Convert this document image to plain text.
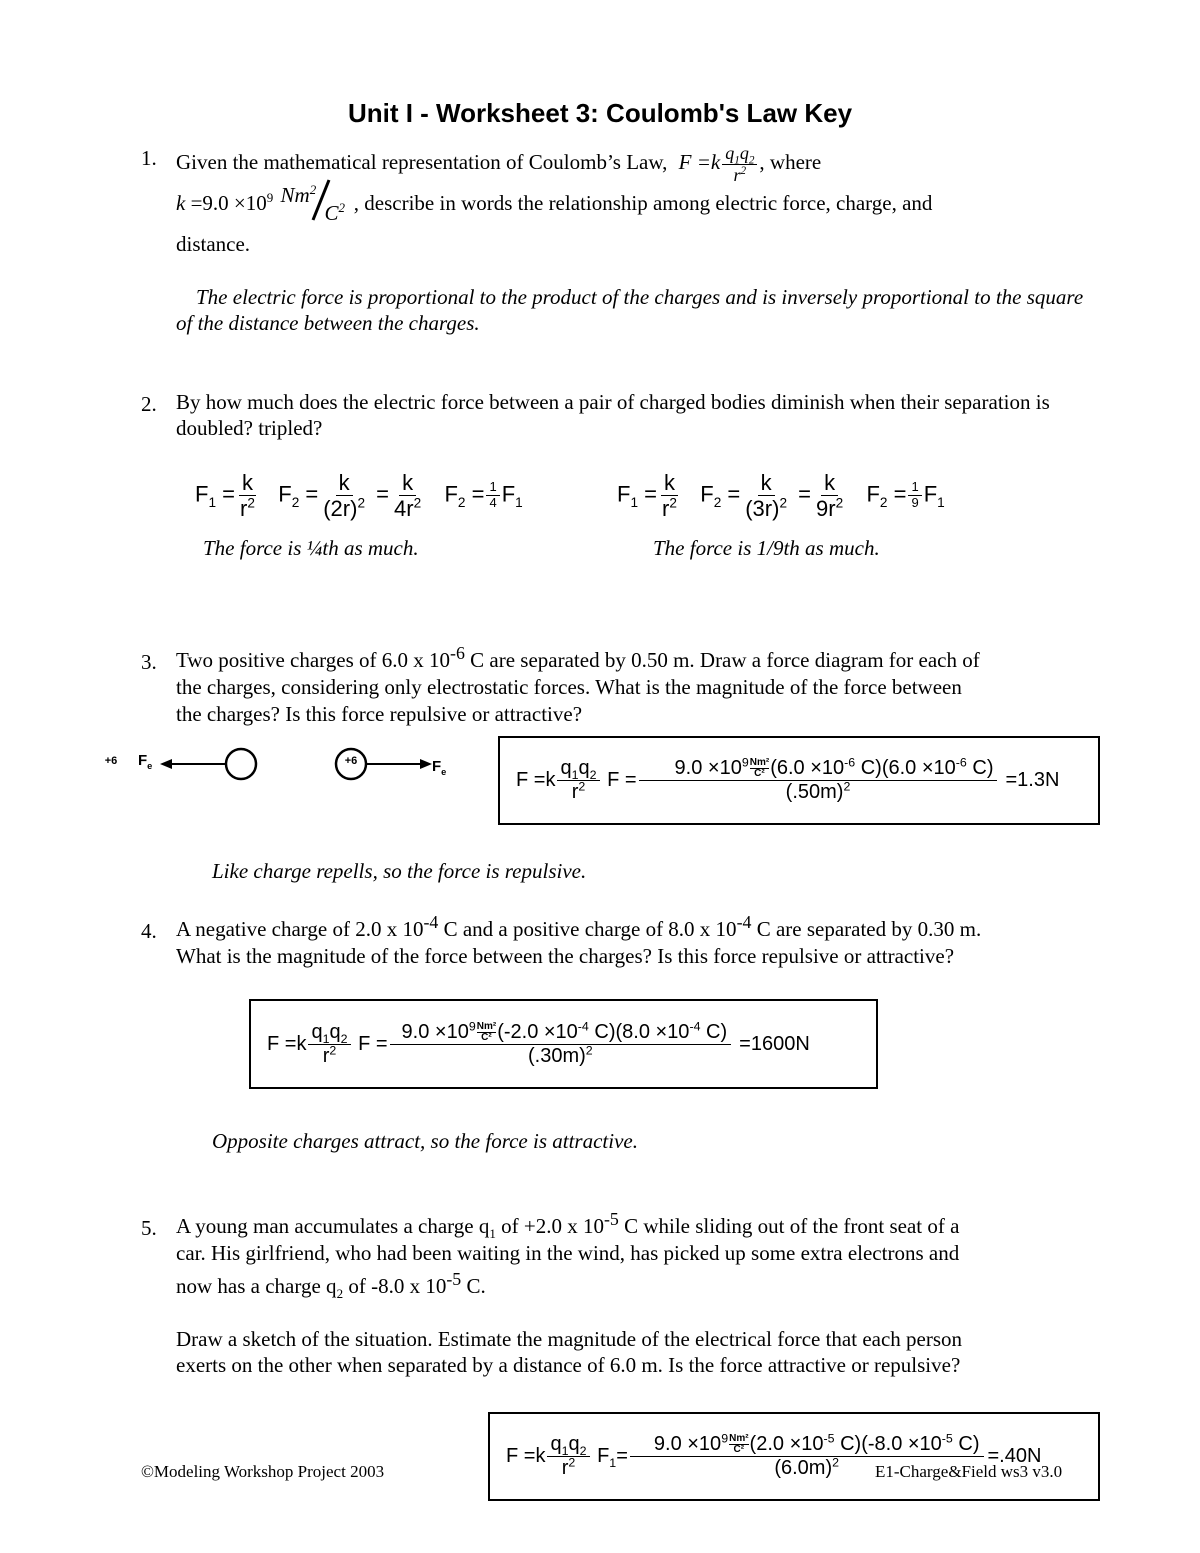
Unit I - Worksheet 3: Coulomb's Law Key
1. Given the mathematical representation of Coulomb’s Law, $F =k \frac{q_1q_2}{r^2}$ , where
$k =9.0 \times 10^9$ Nm$^2$
$C^2$ , describe in words the relationship among electric force, charge, and
distance.
The electric force is proportional to the product of the charges and is inversely proportional to the square of the distance between the charges.
2. By how much does the electric force between a pair of charged bodies diminish when their separation is doubled? tripled?
$F_1 = \frac{k}{r^2} F_2 = \frac{k}{(2r)^2} = \frac{k}{4r^2} F_2 = \frac{1}{4} F_1$
The force is ¼th as much.
$F_1 = \frac{k}{r^2} F_2 = \frac{k}{(3r)^2} = \frac{k}{9r^2} F_2 = \frac{1}{9} F_1$
The force is 1/9th as much.
3. Two positive charges of 6.0 x $10^{-6}$ C are separated by 0.50 m. Draw a force diagram for each of
the charges, considering only electrostatic forces. What is the magnitude of the force between
the charges? Is this force repulsive or attractive?
+6	+6
$F_e$	$F_e$	$F =k \frac{q_1q_2}{r^2}$
$F = \frac{9.0 \times 10^9 \frac{\text{Nm²}}{\text{C²}} (6.0 \times 10^{-6} C)(6.0 \times 10^{-6} C)}{(.50m)^2} =1.3N$
Like charge repells, so the force is repulsive.
4. A negative charge of 2.0 x $10^{-4}$ C and a positive charge of 8.0 x $10^{-4}$ C are separated by 0.30 m.
What is the magnitude of the force between the charges? Is this force repulsive or attractive?
$F =k \frac{q_1q_2}{r^2}$
$F = \frac{9.0 \times 10^9 \frac{\text{Nm²}}{\text{C²}} (-2.0 \times 10^{-4} C)(8.0 \times 10^{-4} C)}{(.30m)^2} =1600N$
Opposite charges attract, so the force is attractive.
5. A young man accumulates a charge $q_1$ of +2.0 x $10^{-5}$ C while sliding out of the front seat of a
car. His girlfriend, who had been waiting in the wind, has picked up some extra electrons and
now has a charge $q_2$ of -8.0 x $10^{-5}$ C.
Draw a sketch of the situation. Estimate the magnitude of the electrical force that each person
exerts on the other when separated by a distance of 6.0 m. Is the force attractive or repulsive?
$F =k \frac{q_1q_2}{r^2}$
$F_1= \frac{9.0 \times 10^9 \frac{\text{Nm²}}{\text{C²}} (2.0 \times 10^{-5} C)(-8.0 \times 10^{-5} C)}{(6.0m)^2} =.40N$
©Modeling Workshop Project 2003	E1-Charge&Field ws3 v3.0
